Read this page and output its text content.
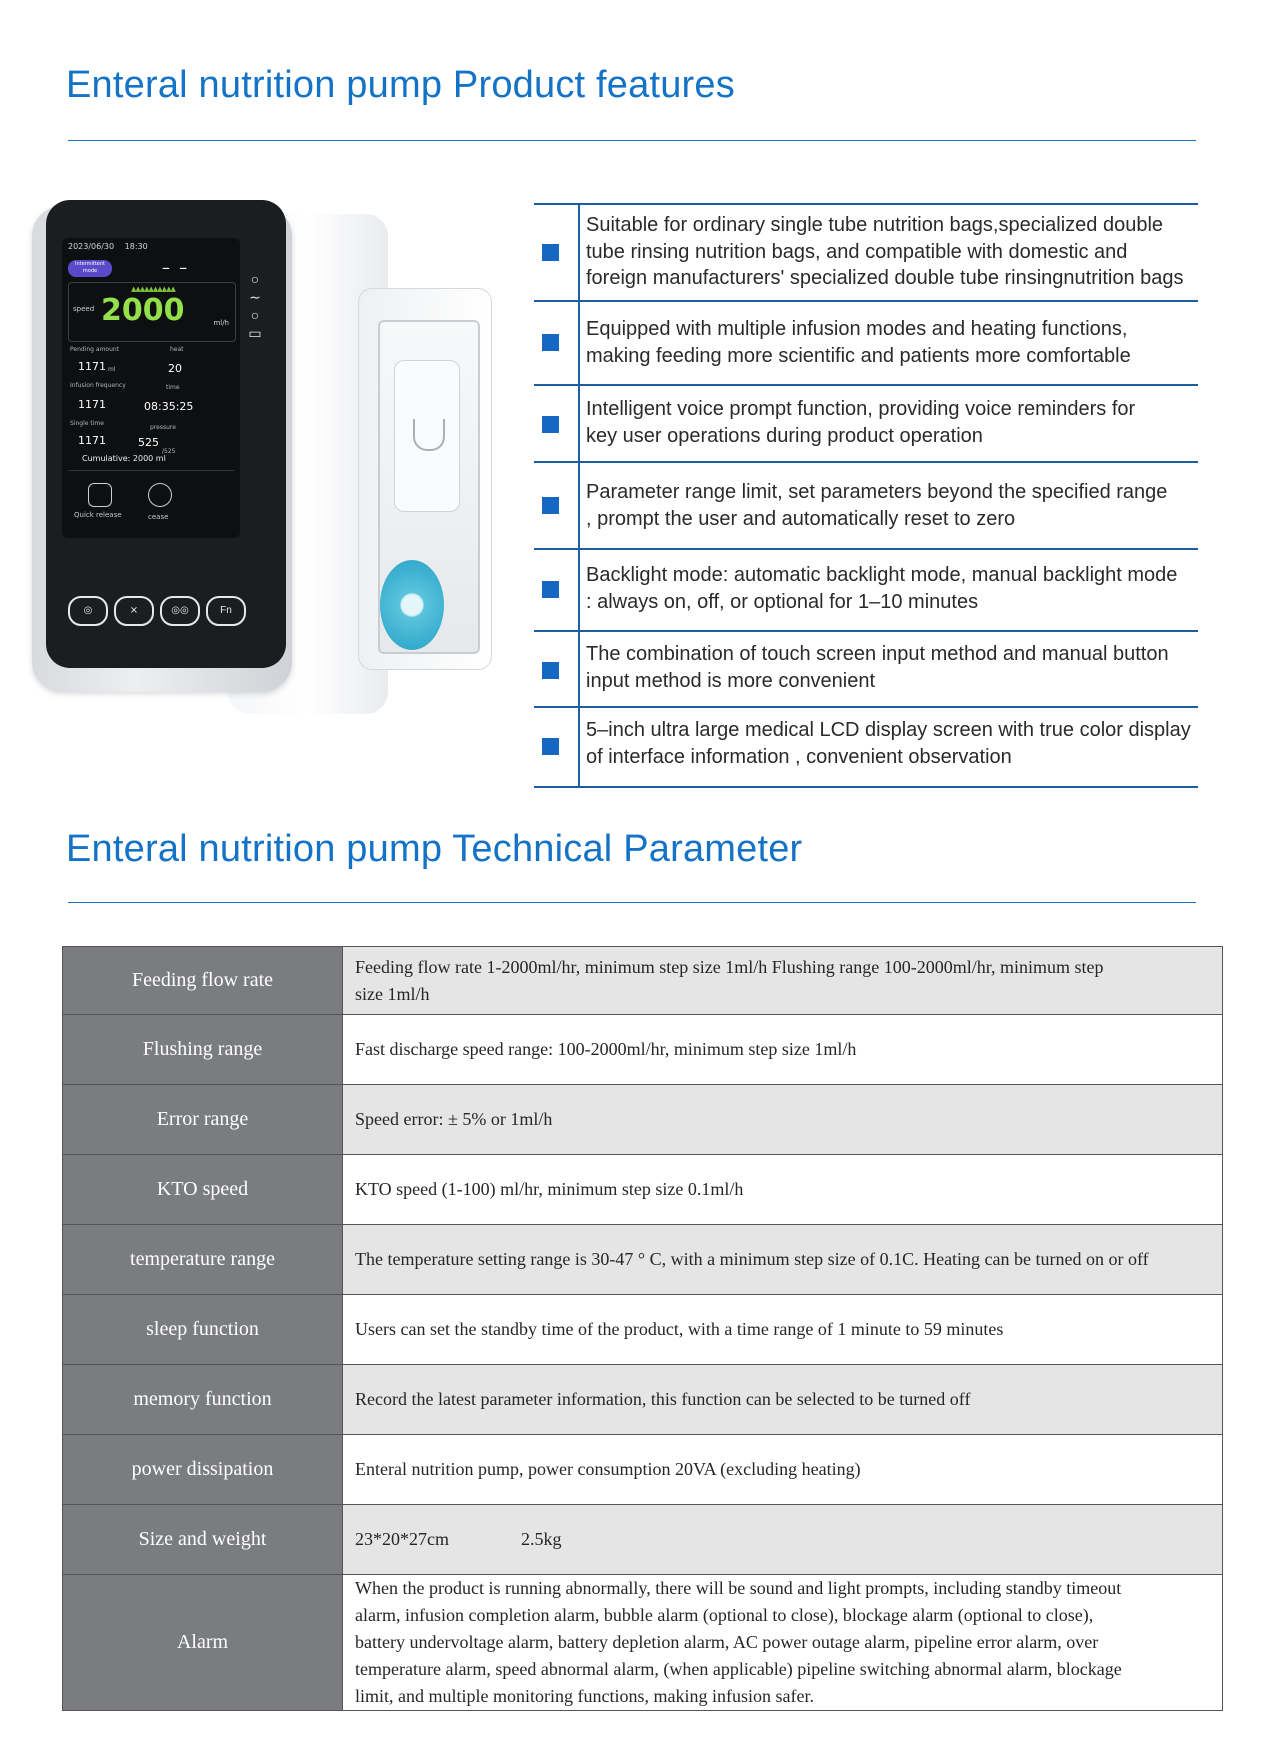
Enteral nutrition pump Product features
2023/06/30 18:30
Intermittent mode	– –
▲▲▲▲▲▲▲▲▲▲
speed 2000	ml/h
Pending amount
1171 ml
heat
20
Infusion frequency
1171
time
08:35:25
Single time
1171
pressure
525
/525
Cumulative: 2000 ml
Quick release	cease
○
∼
○
▭
◎	⨯	◎◎	Fn
Suitable for ordinary single tube nutrition bags,specialized double
tube rinsing nutrition bags, and compatible with domestic and
foreign manufacturers' specialized double tube rinsingnutrition bags
Equipped with multiple infusion modes and heating functions,
making feeding more scientific and patients more comfortable
Intelligent voice prompt function, providing voice reminders for
key user operations during product operation
Parameter range limit, set parameters beyond the specified range
, prompt the user and automatically reset to zero
Backlight mode: automatic backlight mode, manual backlight mode
: always on, off, or optional for 1–10 minutes
The combination of touch screen input method and manual button
input method is more convenient
5–inch ultra large medical LCD display screen with true color display
of interface information , convenient observation
Enteral nutrition pump Technical Parameter
Feeding flow rate	Feeding flow rate 1-2000ml/hr, minimum step size 1ml/h Flushing range 100-2000ml/hr, minimum step
size 1ml/h
Flushing range	Fast discharge speed range: 100-2000ml/hr, minimum step size 1ml/h
Error range	Speed error: ± 5% or 1ml/h
KTO speed	KTO speed (1-100) ml/hr, minimum step size 0.1ml/h
temperature range	The temperature setting range is 30-47 ° C, with a minimum step size of 0.1C. Heating can be turned on or off
sleep function	Users can set the standby time of the product, with a time range of 1 minute to 59 minutes
memory function	Record the latest parameter information, this function can be selected to be turned off
power dissipation	Enteral nutrition pump, power consumption 20VA (excluding heating)
Size and weight	23*20*27cm                2.5kg
Alarm	When the product is running abnormally, there will be sound and light prompts, including standby timeout
alarm, infusion completion alarm, bubble alarm (optional to close), blockage alarm (optional to close),
battery undervoltage alarm, battery depletion alarm, AC power outage alarm, pipeline error alarm, over
temperature alarm, speed abnormal alarm, (when applicable) pipeline switching abnormal alarm, blockage
limit, and multiple monitoring functions, making infusion safer.
